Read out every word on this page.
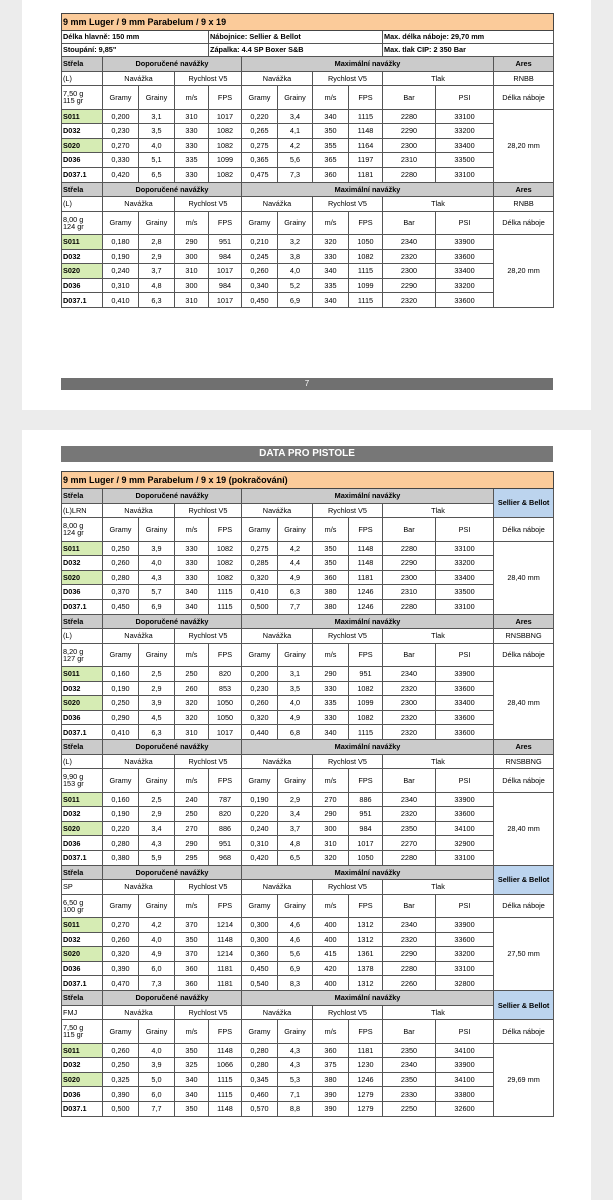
9 mm Luger / 9 mm Parabelum / 9 x 19											
Délka hlavně: 150 mm				Nábojnice: Sellier & Bellot					Max. délka náboje: 29,70 mm		
Stoupání: 9,85"				Zápalka: 4.4 SP Boxer S&B					Max. tlak CIP: 2 350 Bar		
Střela	Doporučené navážky				Maximální navážky						Ares
(L)	Navážka		Rychlost V5		Navážka		Rychlost V5		Tlak		RNBB
7,50 g
115 gr	Gramy	Grainy	m/s	FPS	Gramy	Grainy	m/s	FPS	Bar	PSI	Délka náboje
S011	0,200	3,1	310	1017	0,220	3,4	340	1115	2280	33100	28,20 mm
D032	0,230	3,5	330	1082	0,265	4,1	350	1148	2290	33200	
S020	0,270	4,0	330	1082	0,275	4,2	355	1164	2300	33400	
D036	0,330	5,1	335	1099	0,365	5,6	365	1197	2310	33500	
D037.1	0,420	6,5	330	1082	0,475	7,3	360	1181	2280	33100	
Střela	Doporučené navážky				Maximální navážky						Ares
(L)	Navážka		Rychlost V5		Navážka		Rychlost V5		Tlak		RNBB
8,00 g
124 gr	Gramy	Grainy	m/s	FPS	Gramy	Grainy	m/s	FPS	Bar	PSI	Délka náboje
S011	0,180	2,8	290	951	0,210	3,2	320	1050	2340	33900	28,20 mm
D032	0,190	2,9	300	984	0,245	3,8	330	1082	2320	33600	
S020	0,240	3,7	310	1017	0,260	4,0	340	1115	2300	33400	
D036	0,310	4,8	300	984	0,340	5,2	335	1099	2290	33200	
D037.1	0,410	6,3	310	1017	0,450	6,9	340	1115	2320	33600	
7
DATA PRO PISTOLE
9 mm Luger / 9 mm Parabelum / 9 x 19 (pokračování)											
Střela	Doporučené navážky				Maximální navážky						Sellier & Bellot
(L)LRN	Navážka		Rychlost V5		Navážka		Rychlost V5		Tlak		
8,00 g
124 gr	Gramy	Grainy	m/s	FPS	Gramy	Grainy	m/s	FPS	Bar	PSI	Délka náboje
S011	0,250	3,9	330	1082	0,275	4,2	350	1148	2280	33100	28,40 mm
D032	0,260	4,0	330	1082	0,285	4,4	350	1148	2290	33200	
S020	0,280	4,3	330	1082	0,320	4,9	360	1181	2300	33400	
D036	0,370	5,7	340	1115	0,410	6,3	380	1246	2310	33500	
D037.1	0,450	6,9	340	1115	0,500	7,7	380	1246	2280	33100	
Střela	Doporučené navážky				Maximální navážky						Ares
(L)	Navážka		Rychlost V5		Navážka		Rychlost V5		Tlak		RNSBBNG
8,20 g
127 gr	Gramy	Grainy	m/s	FPS	Gramy	Grainy	m/s	FPS	Bar	PSI	Délka náboje
S011	0,160	2,5	250	820	0,200	3,1	290	951	2340	33900	28,40 mm
D032	0,190	2,9	260	853	0,230	3,5	330	1082	2320	33600	
S020	0,250	3,9	320	1050	0,260	4,0	335	1099	2300	33400	
D036	0,290	4,5	320	1050	0,320	4,9	330	1082	2320	33600	
D037.1	0,410	6,3	310	1017	0,440	6,8	340	1115	2320	33600	
Střela	Doporučené navážky				Maximální navážky						Ares
(L)	Navážka		Rychlost V5		Navážka		Rychlost V5		Tlak		RNSBBNG
9,90 g
153 gr	Gramy	Grainy	m/s	FPS	Gramy	Grainy	m/s	FPS	Bar	PSI	Délka náboje
S011	0,160	2,5	240	787	0,190	2,9	270	886	2340	33900	28,40 mm
D032	0,190	2,9	250	820	0,220	3,4	290	951	2320	33600	
S020	0,220	3,4	270	886	0,240	3,7	300	984	2350	34100	
D036	0,280	4,3	290	951	0,310	4,8	310	1017	2270	32900	
D037.1	0,380	5,9	295	968	0,420	6,5	320	1050	2280	33100	
Střela	Doporučené navážky				Maximální navážky						Sellier & Bellot
SP	Navážka		Rychlost V5		Navážka		Rychlost V5		Tlak		
6,50 g
100 gr	Gramy	Grainy	m/s	FPS	Gramy	Grainy	m/s	FPS	Bar	PSI	Délka náboje
S011	0,270	4,2	370	1214	0,300	4,6	400	1312	2340	33900	27,50 mm
D032	0,260	4,0	350	1148	0,300	4,6	400	1312	2320	33600	
S020	0,320	4,9	370	1214	0,360	5,6	415	1361	2290	33200	
D036	0,390	6,0	360	1181	0,450	6,9	420	1378	2280	33100	
D037.1	0,470	7,3	360	1181	0,540	8,3	400	1312	2260	32800	
Střela	Doporučené navážky				Maximální navážky						Sellier & Bellot
FMJ	Navážka		Rychlost V5		Navážka		Rychlost V5		Tlak		
7,50 g
115 gr	Gramy	Grainy	m/s	FPS	Gramy	Grainy	m/s	FPS	Bar	PSI	Délka náboje
S011	0,260	4,0	350	1148	0,280	4,3	360	1181	2350	34100	29,69 mm
D032	0,250	3,9	325	1066	0,280	4,3	375	1230	2340	33900	
S020	0,325	5,0	340	1115	0,345	5,3	380	1246	2350	34100	
D036	0,390	6,0	340	1115	0,460	7,1	390	1279	2330	33800	
D037.1	0,500	7,7	350	1148	0,570	8,8	390	1279	2250	32600	
